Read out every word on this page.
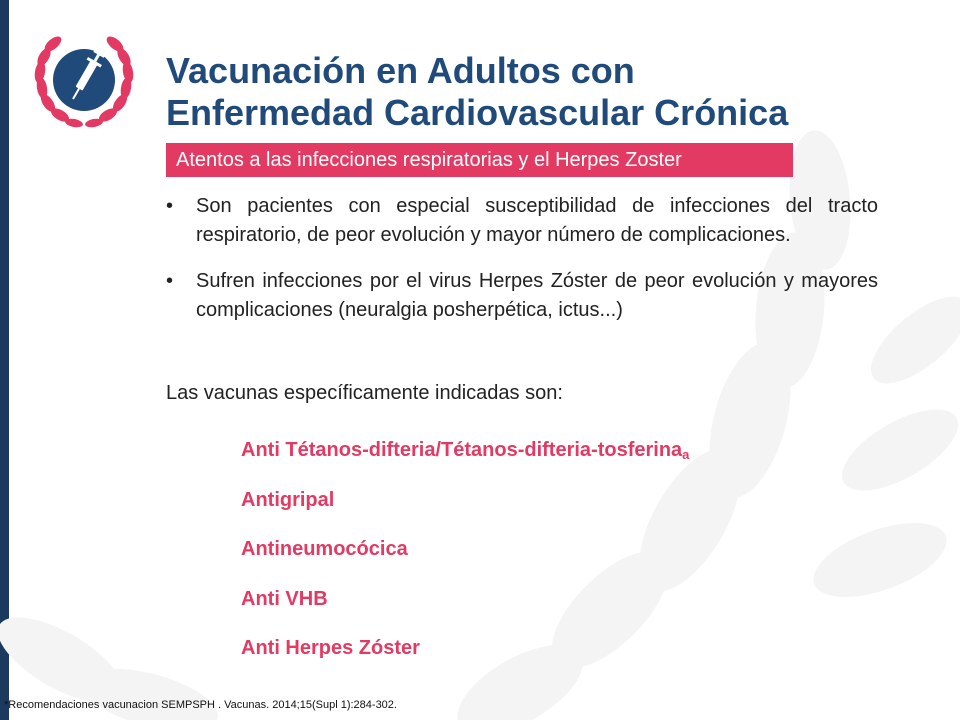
Vacunación en Adultos con
Enfermedad Cardiovascular Crónica
Atentos a las infecciones respiratorias y el Herpes Zoster
• Son pacientes con especial susceptibilidad de infecciones del tracto respiratorio, de peor evolución y mayor número de complicaciones.
• Sufren infecciones por el virus Herpes Zóster de peor evolución y mayores complicaciones (neuralgia posherpética, ictus...)
Las vacunas específicamente indicadas son:
Anti Tétanos-difteria/Tétanos-difteria-tosferina$_a$
Antigripal
Antineumocócica
Anti VHB
Anti Herpes Zóster
*Recomendaciones vacunacion SEMPSPH . Vacunas. 2014;15(Supl 1):284-302.
